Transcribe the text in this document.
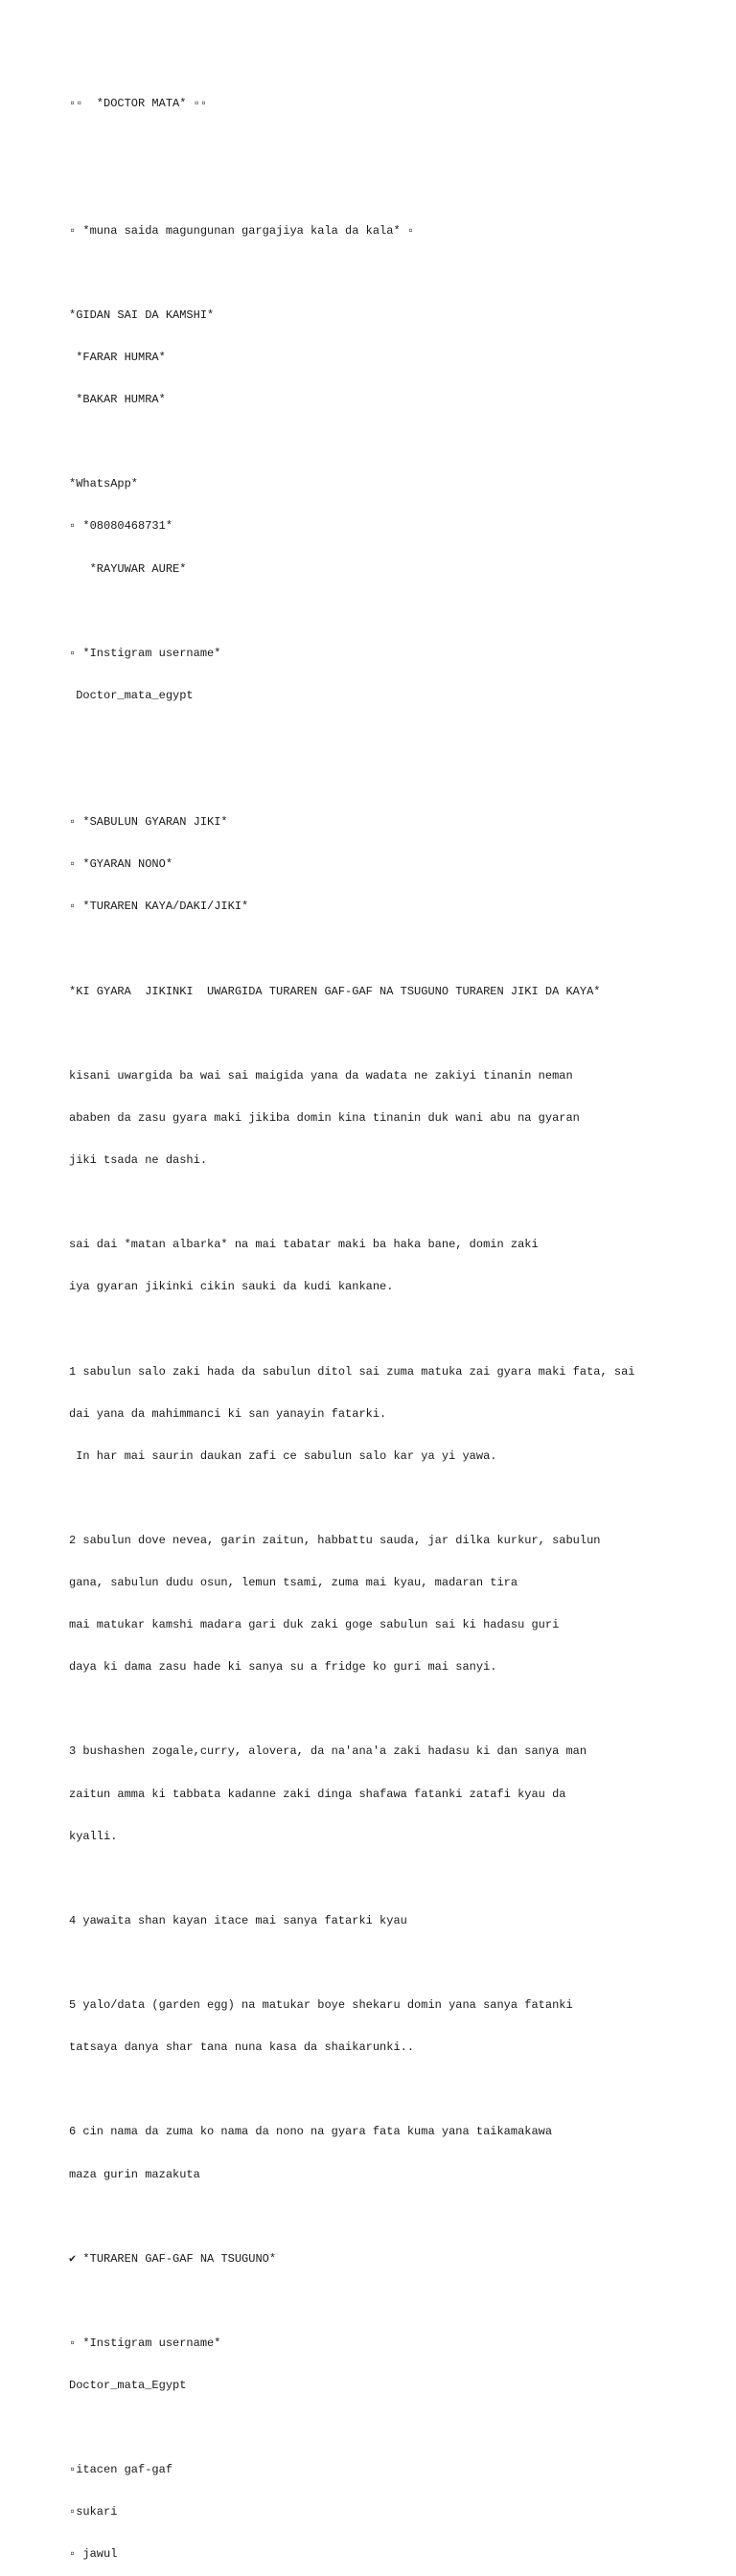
▫▫  *DOCTOR MATA* ▫▫

▫ *muna saida magungunan gargajiya kala da kala* ▫

*GIDAN SAI DA KAMSHI*

*FARAR HUMRA*

*BAKAR HUMRA*

*WhatsApp*

▫ *08080468731*

*RAYUWAR AURE*

▫ *Instigram username*

Doctor_mata_egypt

▫ *SABULUN GYARAN JIKI*

▫ *GYARAN NONO*

▫ *TURAREN KAYA/DAKI/JIKI*

*KI GYARA  JIKINKI  UWARGIDA TURAREN GAF-GAF NA TSUGUNO TURAREN JIKI DA KAYA*

kisani uwargida ba wai sai maigida yana da wadata ne zakiyi tinanin neman

ababen da zasu gyara maki jikiba domin kina tinanin duk wani abu na gyaran

jiki tsada ne dashi.

sai dai *matan albarka* na mai tabatar maki ba haka bane, domin zaki

iya gyaran jikinki cikin sauki da kudi kankane.

1 sabulun salo zaki hada da sabulun ditol sai zuma matuka zai gyara maki fata, sai

dai yana da mahimmanci ki san yanayin fatarki.

In har mai saurin daukan zafi ce sabulun salo kar ya yi yawa.

2 sabulun dove nevea, garin zaitun, habbattu sauda, jar dilka kurkur, sabulun

gana, sabulun dudu osun, lemun tsami, zuma mai kyau, madaran tira

mai matukar kamshi madara gari duk zaki goge sabulun sai ki hadasu guri

daya ki dama zasu hade ki sanya su a fridge ko guri mai sanyi.

3 bushashen zogale,curry, alovera, da na'ana'a zaki hadasu ki dan sanya man

zaitun amma ki tabbata kadanne zaki dinga shafawa fatanki zatafi kyau da

kyalli.

4 yawaita shan kayan itace mai sanya fatarki kyau

5 yalo/data (garden egg) na matukar boye shekaru domin yana sanya fatanki

tatsaya danya shar tana nuna kasa da shaikarunki..

6 cin nama da zuma ko nama da nono na gyara fata kuma yana taikamakawa

maza gurin mazakuta

✔ *TURAREN GAF-GAF NA TSUGUNO*

▫ *Instigram username*

Doctor_mata_Egypt

▫itacen gaf-gaf

▫sukari

▫ jawul
